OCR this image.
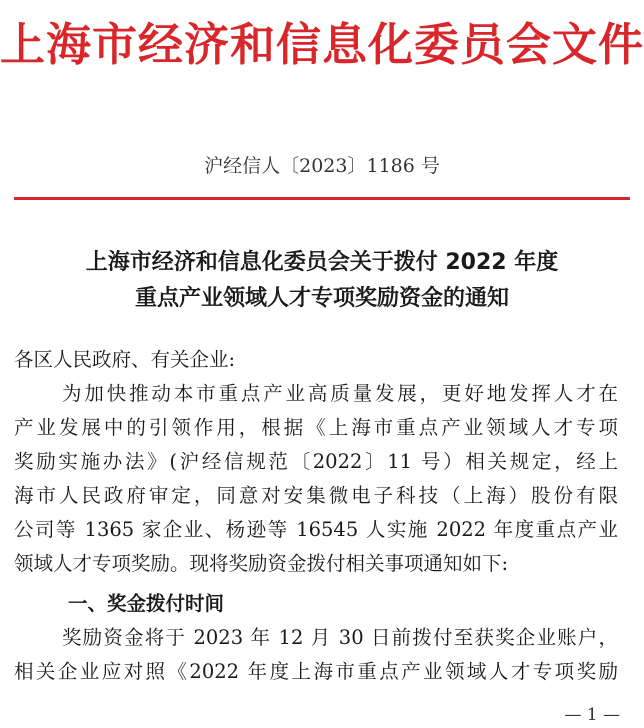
上海市经济和信息化委员会文件
沪经信人〔2023〕1186 号
上海市经济和信息化委员会关于拨付 2022 年度
重点产业领域人才专项奖励资金的通知
各区人民政府、有关企业:
为加快推动本市重点产业高质量发展，更好地发挥人才在
产业发展中的引领作用，根据《上海市重点产业领域人才专项
奖励实施办法》(沪经信规范〔2022〕11 号）相关规定，经上
海市人民政府审定，同意对安集微电子科技（上海）股份有限
公司等 1365 家企业、杨逊等 16545 人实施 2022 年度重点产业
领域人才专项奖励。现将奖励资金拨付相关事项通知如下:
一、奖金拨付时间
奖励资金将于 2023 年 12 月 30 日前拨付至获奖企业账户，
相关企业应对照《2022 年度上海市重点产业领域人才专项奖励
— 1 —
